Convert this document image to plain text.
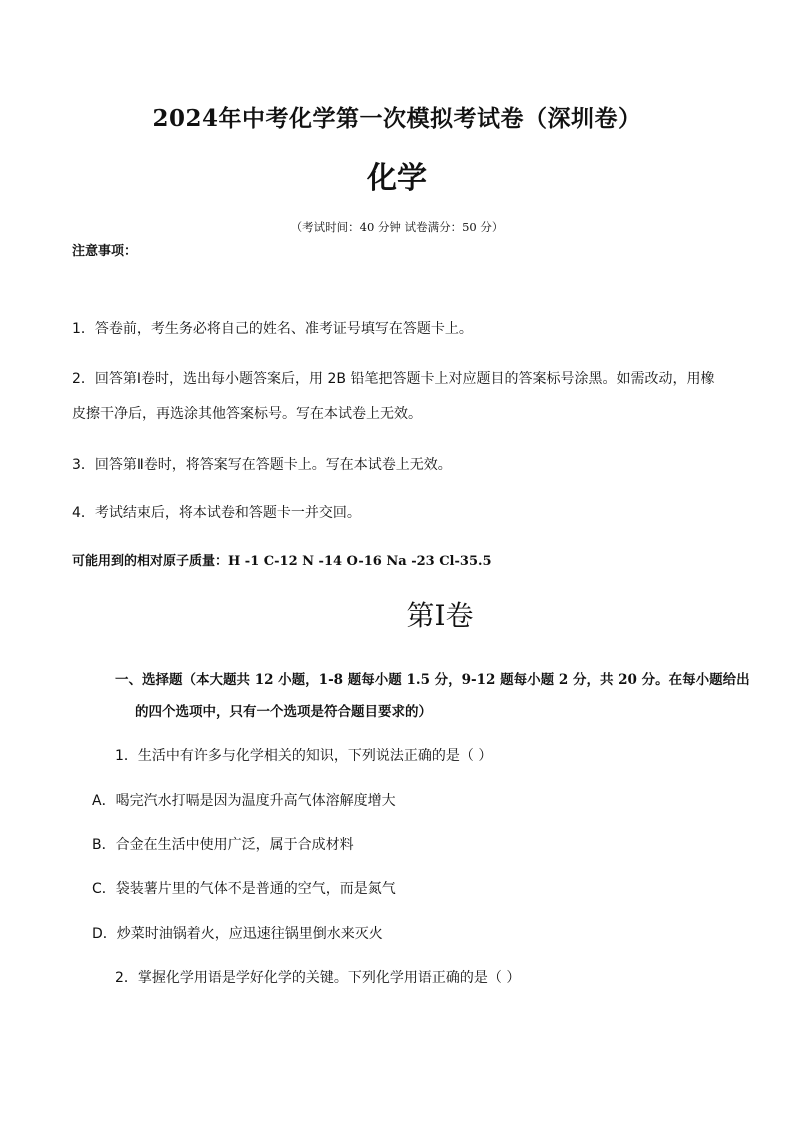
2024年中考化学第一次模拟考试卷（深圳卷）
化学
（考试时间：40 分钟 试卷满分：50 分）
注意事项：
1．答卷前，考生务必将自己的姓名、准考证号填写在答题卡上。
2．回答第Ⅰ卷时，选出每小题答案后，用 2B 铅笔把答题卡上对应题目的答案标号涂黑。如需改动，用橡
皮擦干净后，再选涂其他答案标号。写在本试卷上无效。
3．回答第Ⅱ卷时，将答案写在答题卡上。写在本试卷上无效。
4．考试结束后，将本试卷和答题卡一并交回。
可能用到的相对原子质量：H -1 C-12 N -14 O-16 Na -23 Cl-35.5
第Ⅰ卷
一、选择题（本大题共 12 小题，1-8 题每小题 1.5 分，9-12 题每小题 2 分，共 20 分。在每小题给出
的四个选项中，只有一个选项是符合题目要求的）
1．生活中有许多与化学相关的知识，下列说法正确的是（ ）
A．喝完汽水打嗝是因为温度升高气体溶解度增大
B．合金在生活中使用广泛，属于合成材料
C．袋装薯片里的气体不是普通的空气，而是氮气
D．炒菜时油锅着火，应迅速往锅里倒水来灭火
2．掌握化学用语是学好化学的关键。下列化学用语正确的是（ ）
